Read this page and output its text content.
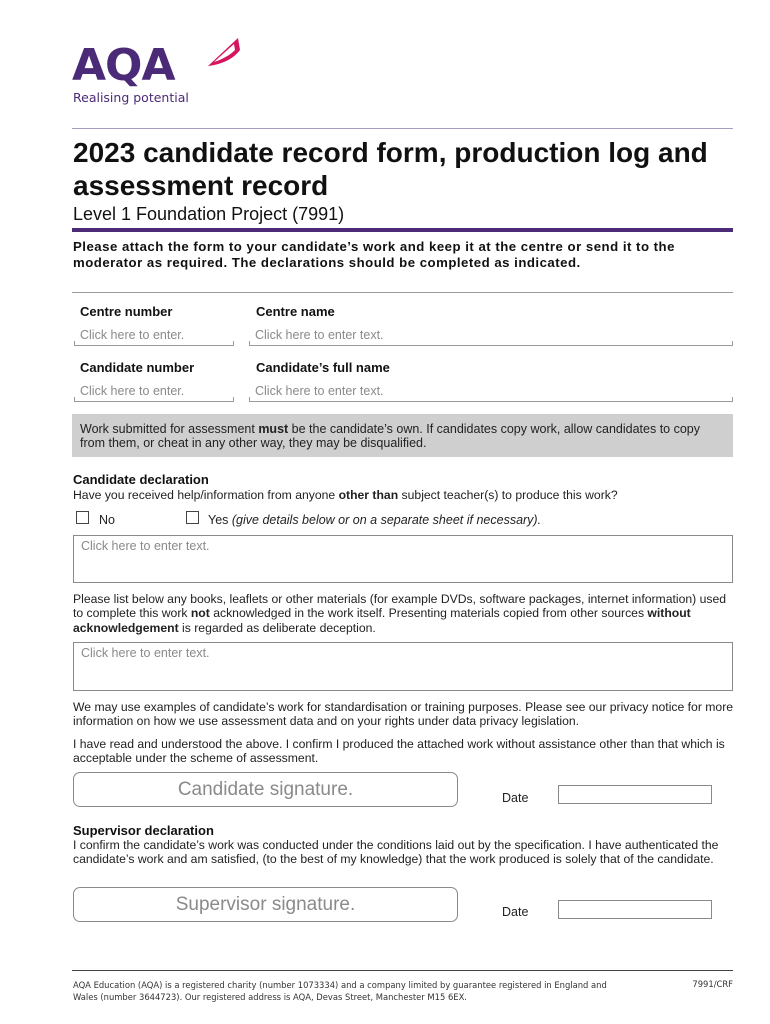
AQA
Realising potential
2023 candidate record form, production log and assessment record
Level 1 Foundation Project (7991)
Please attach the form to your candidate’s work and keep it at the centre or send it to the moderator as required. The declarations should be completed as indicated.
Centre number	Centre name
Click here to enter.	Click here to enter text.
Candidate number	Candidate’s full name
Click here to enter.	Click here to enter text.
Work submitted for assessment must be the candidate’s own. If candidates copy work, allow candidates to copy from them, or cheat in any other way, they may be disqualified.
Candidate declaration
Have you received help/information from anyone other than subject teacher(s) to produce this work?
No	Yes (give details below or on a separate sheet if necessary).
Click here to enter text.
Please list below any books, leaflets or other materials (for example DVDs, software packages, internet information) used to complete this work not acknowledged in the work itself. Presenting materials copied from other sources without acknowledgement is regarded as deliberate deception.
Click here to enter text.
We may use examples of candidate’s work for standardisation or training purposes. Please see our privacy notice for more information on how we use assessment data and on your rights under data privacy legislation.
I have read and understood the above. I confirm I produced the attached work without assistance other than that which is acceptable under the scheme of assessment.
Candidate signature.	Date
Supervisor declaration
I confirm the candidate’s work was conducted under the conditions laid out by the specification. I have authenticated the candidate’s work and am satisfied, (to the best of my knowledge) that the work produced is solely that of the candidate.
Supervisor signature.	Date
AQA Education (AQA) is a registered charity (number 1073334) and a company limited by guarantee registered in England and Wales (number 3644723). Our registered address is AQA, Devas Street, Manchester M15 6EX.
7991/CRF
